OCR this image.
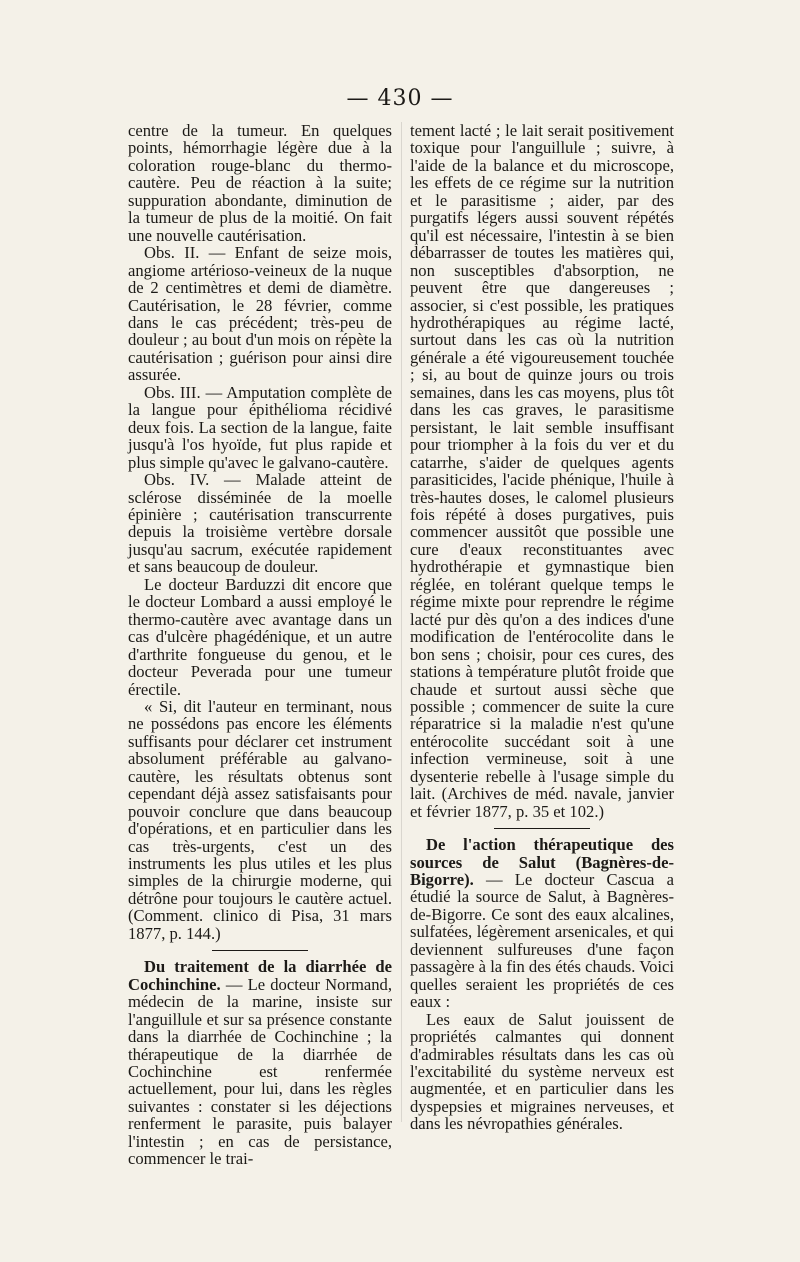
— 430 —

centre de la tumeur. En quelques points, hémorrhagie légère due à la coloration rouge-blanc du thermo-cautère. Peu de réaction à la suite; suppuration abondante, diminution de la tumeur de plus de la moitié. On fait une nouvelle cautérisation.

Obs. II. — Enfant de seize mois, angiome artérioso-veineux de la nuque de 2 centimètres et demi de diamètre. Cautérisation, le 28 février, comme dans le cas précédent; très-peu de douleur ; au bout d'un mois on répète la cautérisation ; guérison pour ainsi dire assurée.

Obs. III. — Amputation complète de la langue pour épithélioma récidivé deux fois. La section de la langue, faite jusqu'à l'os hyoïde, fut plus rapide et plus simple qu'avec le galvano-cautère.

Obs. IV. — Malade atteint de sclérose disséminée de la moelle épinière ; cautérisation transcurrente depuis la troisième vertèbre dorsale jusqu'au sacrum, exécutée rapidement et sans beaucoup de douleur.

Le docteur Barduzzi dit encore que le docteur Lombard a aussi employé le thermo-cautère avec avantage dans un cas d'ulcère phagédénique, et un autre d'arthrite fongueuse du genou, et le docteur Peverada pour une tumeur érectile.

« Si, dit l'auteur en terminant, nous ne possédons pas encore les éléments suffisants pour déclarer cet instrument absolument préférable au galvano-cautère, les résultats obtenus sont cependant déjà assez satisfaisants pour pouvoir conclure que dans beaucoup d'opérations, et en particulier dans les cas très-urgents, c'est un des instruments les plus utiles et les plus simples de la chirurgie moderne, qui détrône pour toujours le cautère actuel. (Comment. clinico di Pisa, 31 mars 1877, p. 144.)

Du traitement de la diarrhée de Cochinchine. — Le docteur Normand, médecin de la marine, insiste sur l'anguillule et sur sa présence constante dans la diarrhée de Cochinchine ; la thérapeutique de la diarrhée de Cochinchine est renfermée actuellement, pour lui, dans les règles suivantes : constater si les déjections renferment le parasite, puis balayer l'intestin ; en cas de persistance, commencer le trai-

tement lacté ; le lait serait positivement toxique pour l'anguillule ; suivre, à l'aide de la balance et du microscope, les effets de ce régime sur la nutrition et le parasitisme ; aider, par des purgatifs légers aussi souvent répétés qu'il est nécessaire, l'intestin à se bien débarrasser de toutes les matières qui, non susceptibles d'absorption, ne peuvent être que dangereuses ; associer, si c'est possible, les pratiques hydrothérapiques au régime lacté, surtout dans les cas où la nutrition générale a été vigoureusement touchée ; si, au bout de quinze jours ou trois semaines, dans les cas moyens, plus tôt dans les cas graves, le parasitisme persistant, le lait semble insuffisant pour triompher à la fois du ver et du catarrhe, s'aider de quelques agents parasiticides, l'acide phénique, l'huile à très-hautes doses, le calomel plusieurs fois répété à doses purgatives, puis commencer aussitôt que possible une cure d'eaux reconstituantes avec hydrothérapie et gymnastique bien réglée, en tolérant quelque temps le régime mixte pour reprendre le régime lacté pur dès qu'on a des indices d'une modification de l'entérocolite dans le bon sens ; choisir, pour ces cures, des stations à température plutôt froide que chaude et surtout aussi sèche que possible ; commencer de suite la cure réparatrice si la maladie n'est qu'une entérocolite succédant soit à une infection vermineuse, soit à une dysenterie rebelle à l'usage simple du lait. (Archives de méd. navale, janvier et février 1877, p. 35 et 102.)

De l'action thérapeutique des sources de Salut (Bagnères-de-Bigorre). — Le docteur Cascua a étudié la source de Salut, à Bagnères-de-Bigorre. Ce sont des eaux alcalines, sulfatées, légèrement arsenicales, et qui deviennent sulfureuses d'une façon passagère à la fin des étés chauds. Voici quelles seraient les propriétés de ces eaux :

Les eaux de Salut jouissent de propriétés calmantes qui donnent d'admirables résultats dans les cas où l'excitabilité du système nerveux est augmentée, et en particulier dans les dyspepsies et migraines nerveuses, et dans les névropathies générales.
